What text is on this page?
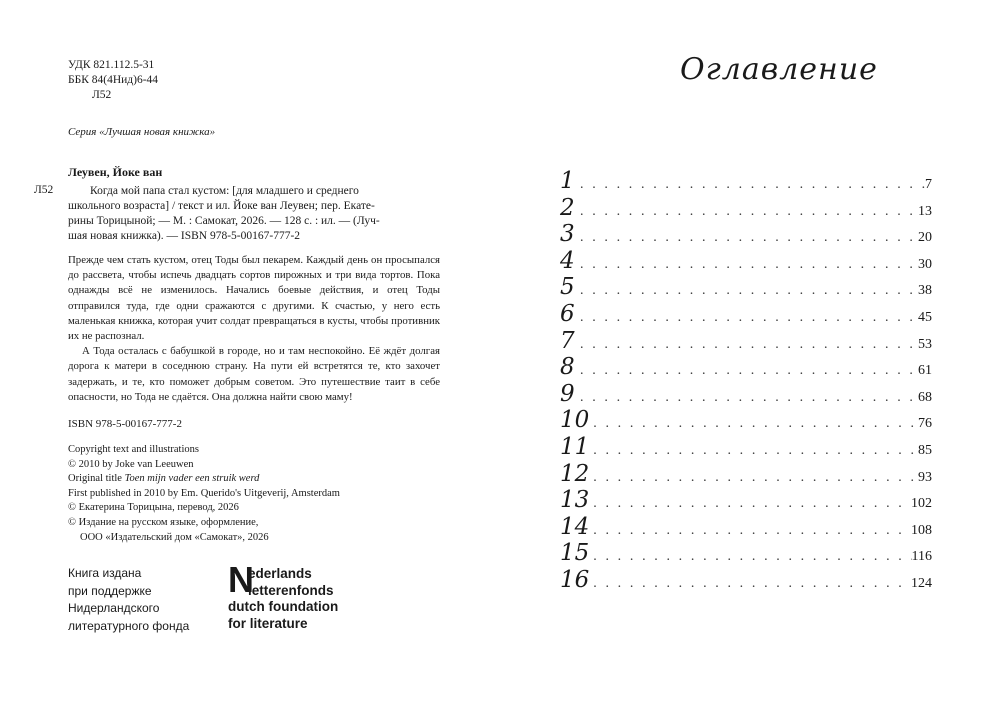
УДК 821.112.5-31
ББК 84(4Нид)6-44
Л52
Серия «Лучшая новая книжка»
Леувен, Йоке ван
Л52	Когда мой папа стал кустом: [для младшего и среднего
школьного возраста] / текст и ил. Йоке ван Леувен; пер. Екате-
рины Торицыной; — М. : Самокат, 2026. — 128 с. : ил. — (Луч-
шая новая книжка). — ISBN 978-5-00167-777-2

Прежде чем стать кустом, отец Тоды был пекарем. Каждый день он просыпался до рассвета, чтобы испечь двадцать сортов пирожных и три вида тортов. Пока однажды всё не изменилось. Начались боевые действия, и отец Тоды отправился туда, где одни сражаются с другими. К счастью, у него есть маленькая книжка, которая учит солдат превращаться в кусты, чтобы противник их не распознал.

А Тода осталась с бабушкой в городе, но и там неспокойно. Её ждёт долгая дорога к матери в соседнюю страну. На пути ей встретятся те, кто захочет задержать, и те, кто поможет добрым советом. Это путешествие таит в себе опасности, но Тода не сдаётся. Она должна найти свою маму!

ISBN 978-5-00167-777-2
Copyright text and illustrations
© 2010 by Joke van Leeuwen
Original title Toen mijn vader een struik werd
First published in 2010 by Em. Querido's Uitgeverij, Amsterdam
© Екатерина Торицына, перевод, 2026
© Издание на русском языке, оформление,
ООО «Издательский дом «Самокат», 2026
Книга издана
при поддержке
Нидерландского
литературного фонда
N
ederlands
letterenfonds
dutch foundation
for literature
Оглавление
1 . . .	7
2 . . .	13
3 . . .	20
4 . . .	30
5 . . .	38
6 . . .	45
7 . . .	53
8 . . .	61
9 . . .	68
10 . . .	76
11 . . .	85
12 . . .	93
13 . . .	102
14 . . .	108
15 . . .	116
16 . . .	124
